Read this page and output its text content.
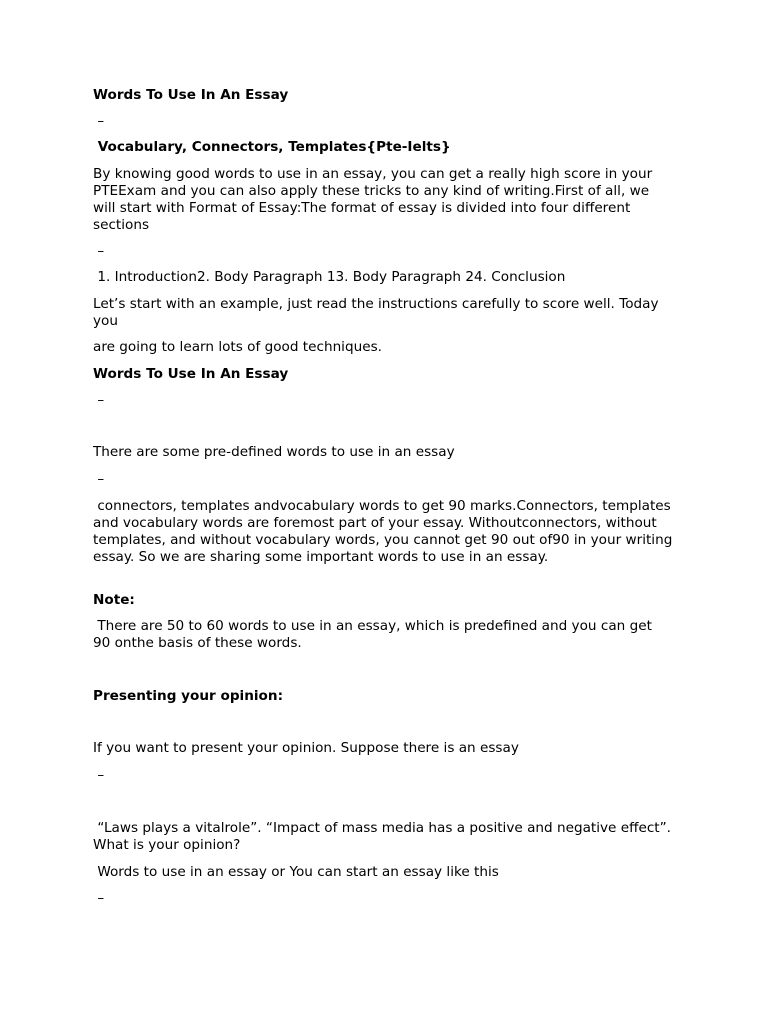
Words To Use In An Essay

–

Vocabulary, Connectors, Templates{Pte-Ielts}

By knowing good words to use in an essay, you can get a really high score in your PTEExam and you can also apply these tricks to any kind of writing.First of all, we will start with Format of Essay:The format of essay is divided into four different sections

–

1. Introduction2. Body Paragraph 13. Body Paragraph 24. Conclusion

Let’s start with an example, just read the instructions carefully to score well. Today you

are going to learn lots of good techniques.

Words To Use In An Essay

–

There are some pre-defined words to use in an essay

–

connectors, templates andvocabulary words to get 90 marks.Connectors, templates and vocabulary words are foremost part of your essay. Withoutconnectors, without templates, and without vocabulary words, you cannot get 90 out of90 in your writing essay. So we are sharing some important words to use in an essay.

Note:

There are 50 to 60 words to use in an essay, which is predefined and you can get 90 onthe basis of these words.

Presenting your opinion:

If you want to present your opinion. Suppose there is an essay

–

“Laws plays a vitalrole”. “Impact of mass media has a positive and negative effect”. What is your opinion?

Words to use in an essay or You can start an essay like this

–
